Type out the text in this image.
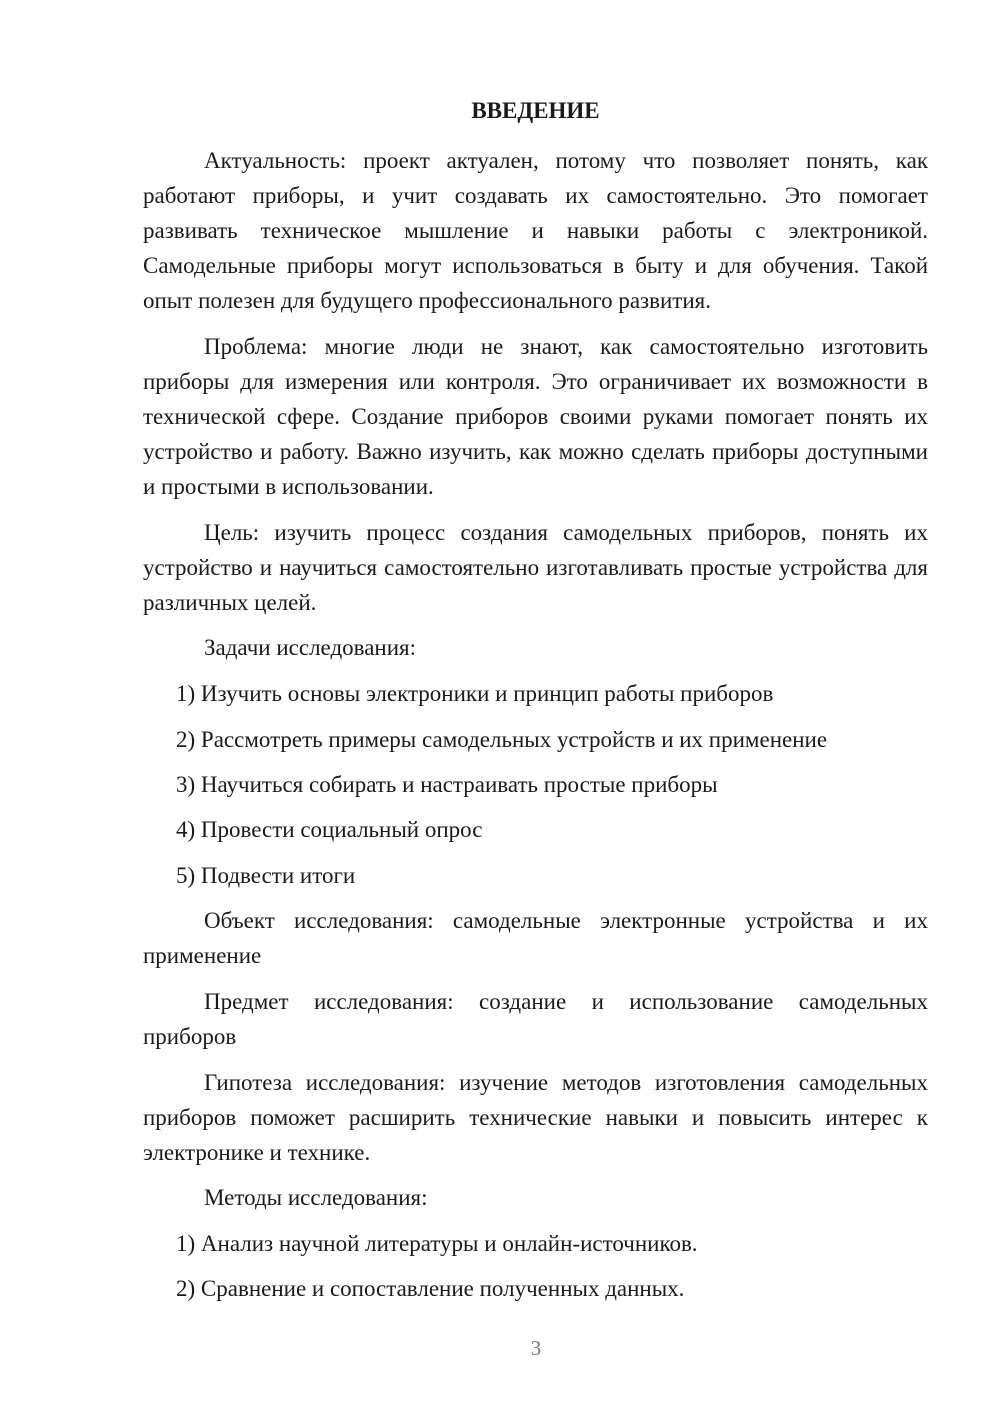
ВВЕДЕНИЕ

Актуальность: проект актуален, потому что позволяет понять, как работают приборы, и учит создавать их самостоятельно. Это помогает развивать техническое мышление и навыки работы с электроникой. Самодельные приборы могут использоваться в быту и для обучения. Такой опыт полезен для будущего профессионального развития.

Проблема: многие люди не знают, как самостоятельно изготовить приборы для измерения или контроля. Это ограничивает их возможности в технической сфере. Создание приборов своими руками помогает понять их устройство и работу. Важно изучить, как можно сделать приборы доступными и простыми в использовании.

Цель: изучить процесс создания самодельных приборов, понять их устройство и научиться самостоятельно изготавливать простые устройства для различных целей.

Задачи исследования:

1) Изучить основы электроники и принцип работы приборов

2) Рассмотреть примеры самодельных устройств и их применение

3) Научиться собирать и настраивать простые приборы

4) Провести социальный опрос

5) Подвести итоги

Объект исследования: самодельные электронные устройства и их применение

Предмет исследования: создание и использование самодельных приборов

Гипотеза исследования: изучение методов изготовления самодельных приборов поможет расширить технические навыки и повысить интерес к электронике и технике.

Методы исследования:

1) Анализ научной литературы и онлайн-источников.

2) Сравнение и сопоставление полученных данных.

3
